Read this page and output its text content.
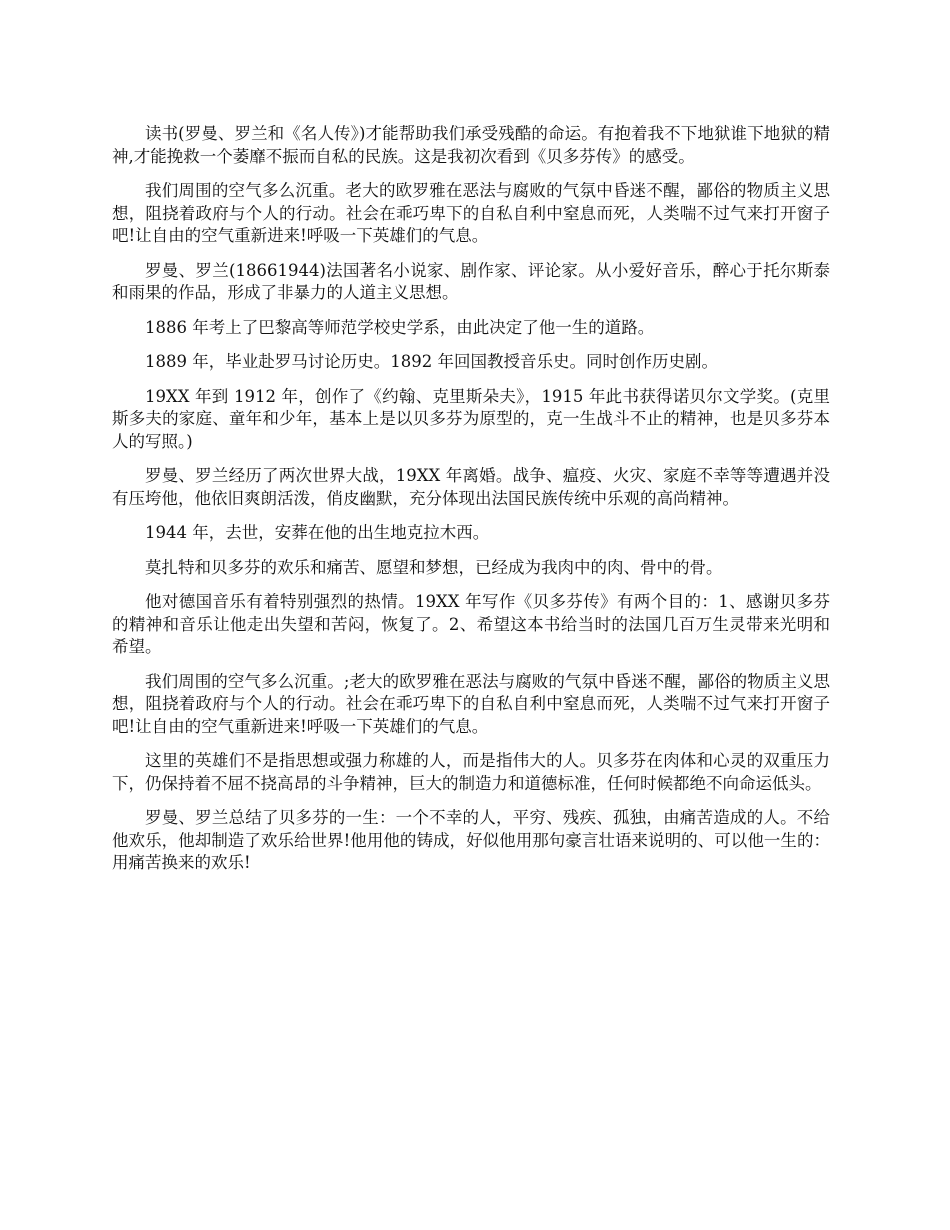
读书(罗曼、罗兰和《名人传》)才能帮助我们承受残酷的命运。有抱着我不下地狱谁下地狱的精神,才能挽救一个萎靡不振而自私的民族。这是我初次看到《贝多芬传》的感受。

我们周围的空气多么沉重。老大的欧罗雅在恶法与腐败的气氛中昏迷不醒，鄙俗的物质主义思想，阻挠着政府与个人的行动。社会在乖巧卑下的自私自利中窒息而死，人类喘不过气来打开窗子吧!让自由的空气重新进来!呼吸一下英雄们的气息。

罗曼、罗兰(18661944)法国著名小说家、剧作家、评论家。从小爱好音乐，醉心于托尔斯泰和雨果的作品，形成了非暴力的人道主义思想。

1886 年考上了巴黎高等师范学校史学系，由此决定了他一生的道路。

1889 年，毕业赴罗马讨论历史。1892 年回国教授音乐史。同时创作历史剧。

19XX 年到 1912 年，创作了《约翰、克里斯朵夫》，1915 年此书获得诺贝尔文学奖。(克里斯多夫的家庭、童年和少年，基本上是以贝多芬为原型的，克一生战斗不止的精神，也是贝多芬本人的写照。)

罗曼、罗兰经历了两次世界大战，19XX 年离婚。战争、瘟疫、火灾、家庭不幸等等遭遇并没有压垮他，他依旧爽朗活泼，俏皮幽默，充分体现出法国民族传统中乐观的高尚精神。

1944 年，去世，安葬在他的出生地克拉木西。

莫扎特和贝多芬的欢乐和痛苦、愿望和梦想，已经成为我肉中的肉、骨中的骨。

他对德国音乐有着特别强烈的热情。19XX 年写作《贝多芬传》有两个目的：1、感谢贝多芬的精神和音乐让他走出失望和苦闷，恢复了。2、希望这本书给当时的法国几百万生灵带来光明和希望。

我们周围的空气多么沉重。;老大的欧罗雅在恶法与腐败的气氛中昏迷不醒，鄙俗的物质主义思想，阻挠着政府与个人的行动。社会在乖巧卑下的自私自利中窒息而死，人类喘不过气来打开窗子吧!让自由的空气重新进来!呼吸一下英雄们的气息。

这里的英雄们不是指思想或强力称雄的人，而是指伟大的人。贝多芬在肉体和心灵的双重压力下，仍保持着不屈不挠高昂的斗争精神，巨大的制造力和道德标准，任何时候都绝不向命运低头。

罗曼、罗兰总结了贝多芬的一生：一个不幸的人，平穷、残疾、孤独，由痛苦造成的人。不给他欢乐，他却制造了欢乐给世界!他用他的铸成，好似他用那句豪言壮语来说明的、可以他一生的：用痛苦换来的欢乐!
